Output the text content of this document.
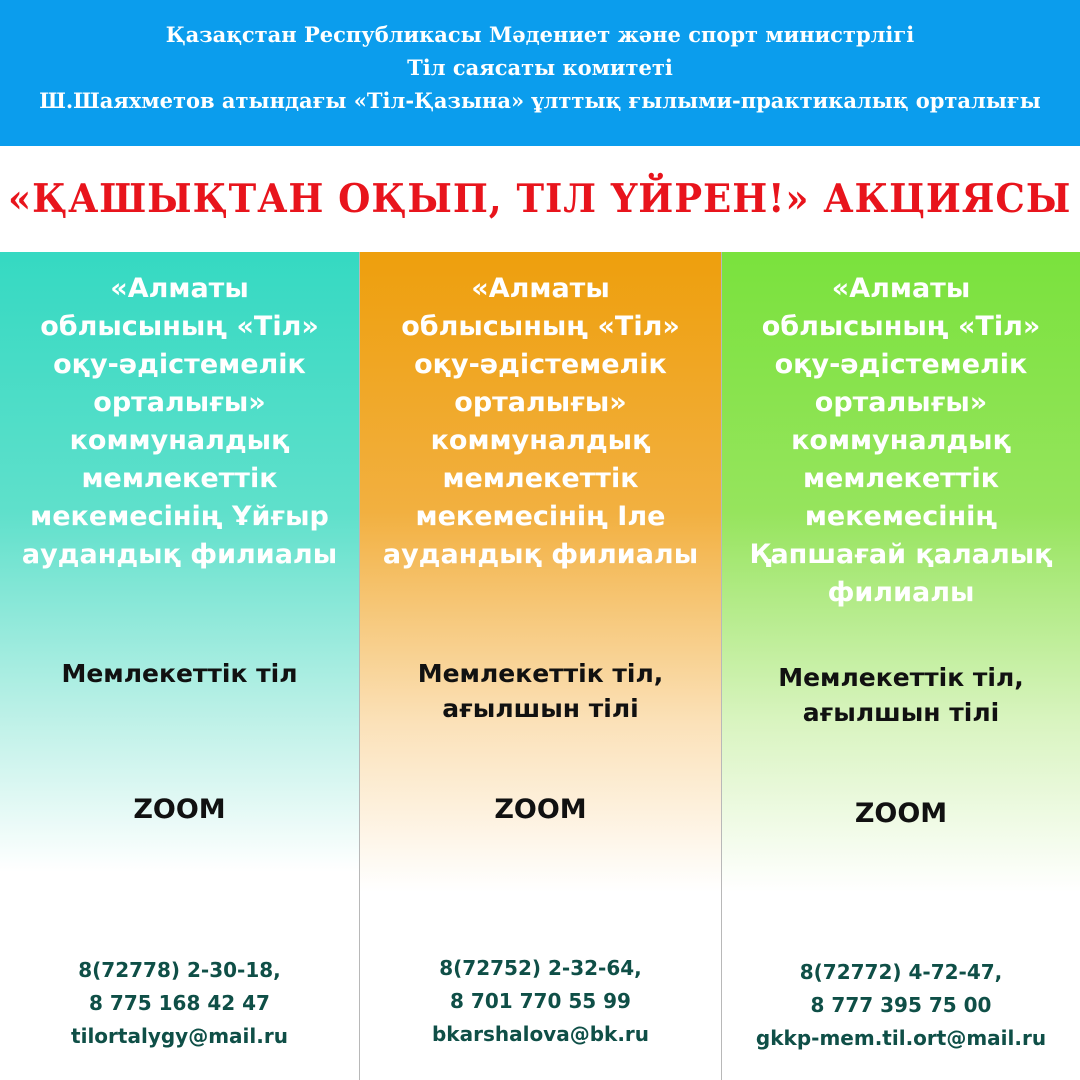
Қазақстан Республикасы Мәдениет және спорт министрлігі
Тіл саясаты комитеті
Ш.Шаяхметов атындағы «Тіл-Қазына» ұлттық ғылыми-практикалық орталығы
«ҚАШЫҚТАН ОҚЫП, ТІЛ ҮЙРЕН!» АКЦИЯСЫ
«Алматы
облысының «Тіл»
оқу-әдістемелік
орталығы»
коммуналдық
мемлекеттік
мекемесінің Ұйғыр
аудандық филиалы
Мемлекеттік тіл
ZOOM
8(72778) 2-30-18,
8 775 168 42 47
tilortalygy@mail.ru
«Алматы
облысының «Тіл»
оқу-әдістемелік
орталығы»
коммуналдық
мемлекеттік
мекемесінің Іле
аудандық филиалы
Мемлекеттік тіл,
ағылшын тілі
ZOOM
8(72752) 2-32-64,
8 701 770 55 99
bkarshalova@bk.ru
«Алматы
облысының «Тіл»
оқу-әдістемелік
орталығы»
коммуналдық
мемлекеттік
мекемесінің
Қапшағай қалалық
филиалы
Мемлекеттік тіл,
ағылшын тілі
ZOOM
8(72772) 4-72-47,
8 777 395 75 00
gkkp-mem.til.ort@mail.ru
